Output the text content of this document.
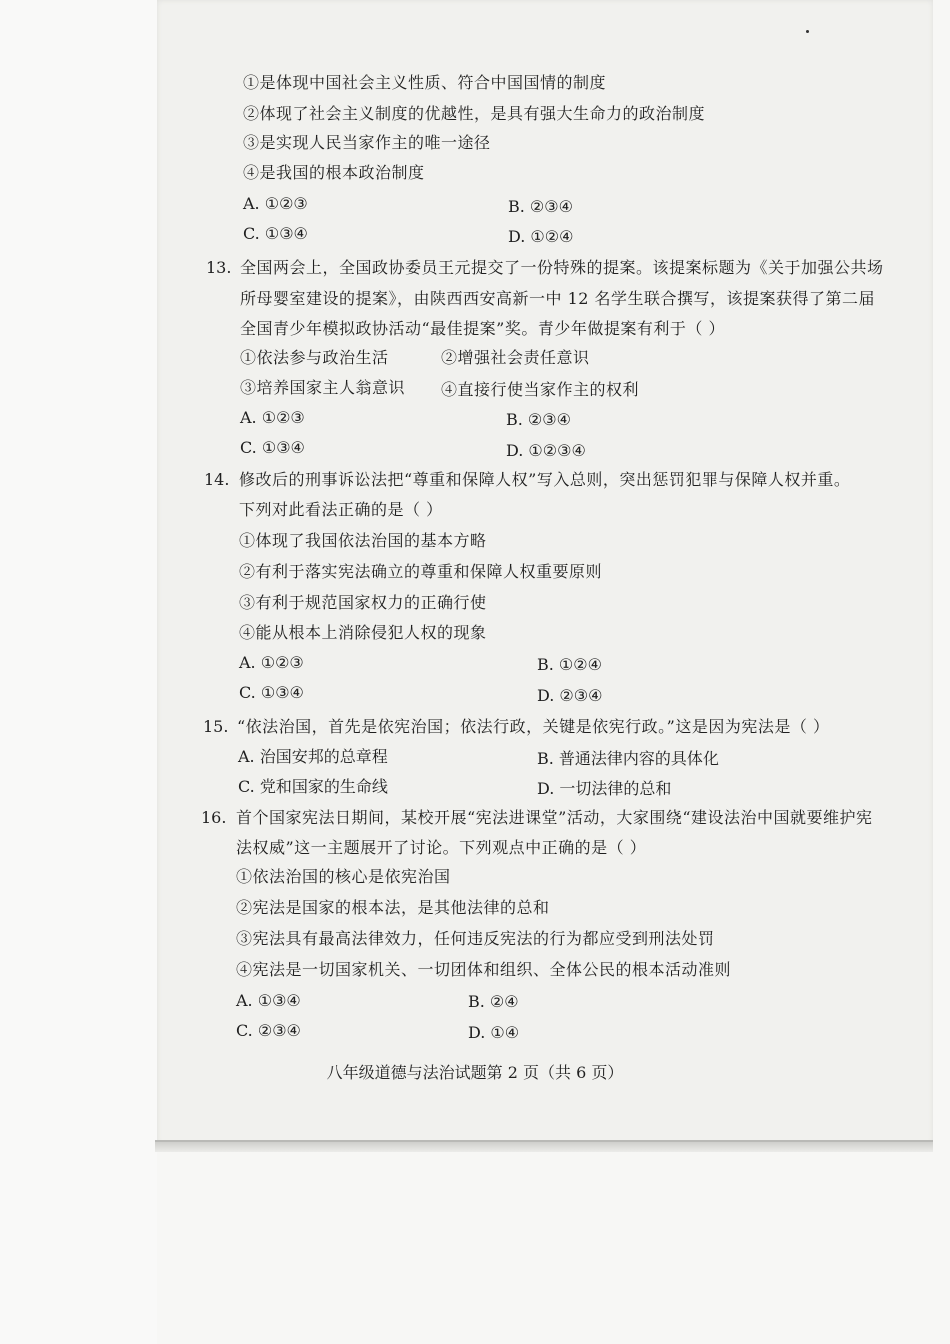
①是体现中国社会主义性质、符合中国国情的制度
②体现了社会主义制度的优越性，是具有强大生命力的政治制度
③是实现人民当家作主的唯一途径
④是我国的根本政治制度
A. ①②③	B. ②③④
C. ①③④	D. ①②④
13. 全国两会上，全国政协委员王元提交了一份特殊的提案。该提案标题为《关于加强公共场
所母婴室建设的提案》，由陕西西安高新一中 12 名学生联合撰写，该提案获得了第二届
全国青少年模拟政协活动“最佳提案”奖。青少年做提案有利于（ ）
①依法参与政治生活	②增强社会责任意识
③培养国家主人翁意识 ④直接行使当家作主的权利
A. ①②③	B. ②③④
C. ①③④	D. ①②③④
14. 修改后的刑事诉讼法把“尊重和保障人权”写入总则，突出惩罚犯罪与保障人权并重。
下列对此看法正确的是（ ）
①体现了我国依法治国的基本方略
②有利于落实宪法确立的尊重和保障人权重要原则
③有利于规范国家权力的正确行使
④能从根本上消除侵犯人权的现象
A. ①②③	B. ①②④
C. ①③④	D. ②③④
15. “依法治国，首先是依宪治国；依法行政，关键是依宪行政。”这是因为宪法是（ ）
A. 治国安邦的总章程	B. 普通法律内容的具体化
C. 党和国家的生命线	D. 一切法律的总和
16. 首个国家宪法日期间，某校开展“宪法进课堂”活动，大家围绕“建设法治中国就要维护宪
法权威”这一主题展开了讨论。下列观点中正确的是（ ）
①依法治国的核心是依宪治国
②宪法是国家的根本法，是其他法律的总和
③宪法具有最高法律效力，任何违反宪法的行为都应受到刑法处罚
④宪法是一切国家机关、一切团体和组织、全体公民的根本活动准则
A. ①③④	B. ②④
C. ②③④	D. ①④
八年级道德与法治试题第 2 页（共 6 页）
